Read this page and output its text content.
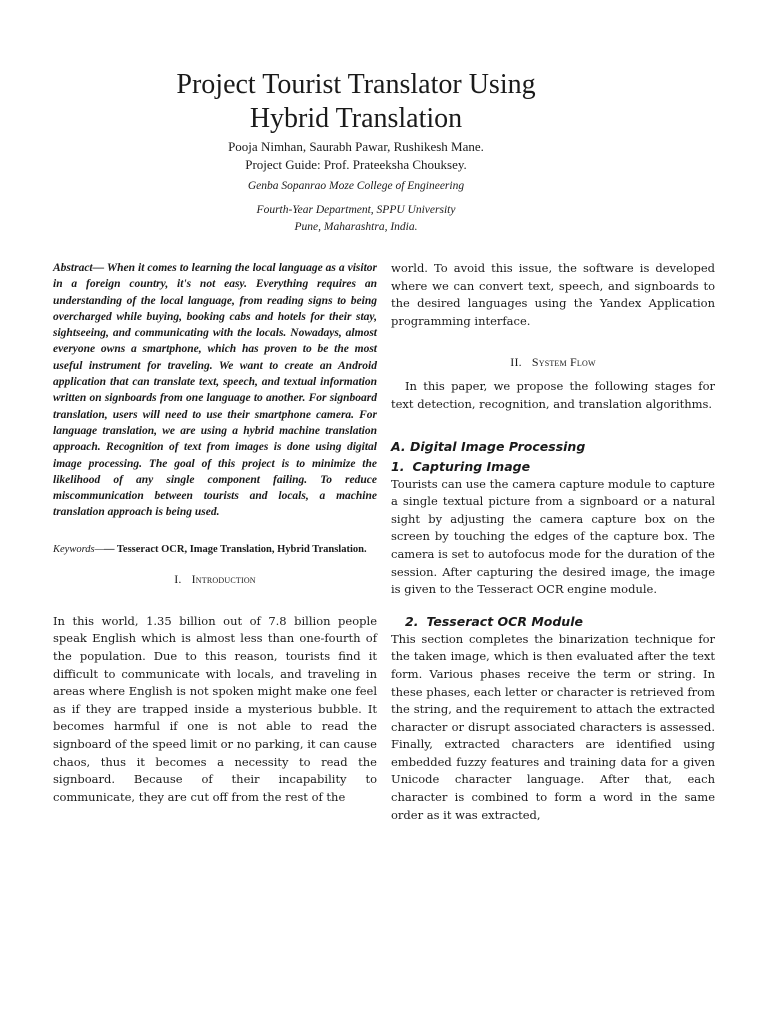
Project Tourist Translator Using
Hybrid Translation
Pooja Nimhan, Saurabh Pawar, Rushikesh Mane.
Project Guide: Prof. Prateeksha Chouksey.
Genba Sopanrao Moze College of Engineering
Fourth-Year Department, SPPU University
Pune, Maharashtra, India.

Abstract— When it comes to learning the local language as a visitor in a foreign country, it's not easy. Everything requires an understanding of the local language, from reading signs to being overcharged while buying, booking cabs and hotels for their stay, sightseeing, and communicating with the locals. Nowadays, almost everyone owns a smartphone, which has proven to be the most useful instrument for traveling. We want to create an Android application that can translate text, speech, and textual information written on signboards from one language to another. For signboard translation, users will need to use their smartphone camera. For language translation, we are using a hybrid machine translation approach. Recognition of text from images is done using digital image processing. The goal of this project is to minimize the likelihood of any single component failing. To reduce miscommunication between tourists and locals, a machine translation approach is being used.

Keywords—— Tesseract OCR, Image Translation, Hybrid Translation.

I. Introduction

In this world, 1.35 billion out of 7.8 billion people speak English which is almost less than one-fourth of the population. Due to this reason, tourists find it difficult to communicate with locals, and traveling in areas where English is not spoken might make one feel as if they are trapped inside a mysterious bubble. It becomes harmful if one is not able to read the signboard of the speed limit or no parking, it can cause chaos, thus it becomes a necessity to read the signboard. Because of their incapability to communicate, they are cut off from the rest of the

world. To avoid this issue, the software is developed where we can convert text, speech, and signboards to the desired languages using the Yandex Application programming interface.

II. System Flow

In this paper, we propose the following stages for text detection, recognition, and translation algorithms.

A. Digital Image Processing
1. Capturing Image

Tourists can use the camera capture module to capture a single textual picture from a signboard or a natural sight by adjusting the camera capture box on the screen by touching the edges of the capture box. The camera is set to autofocus mode for the duration of the session. After capturing the desired image, the image is given to the Tesseract OCR engine module.

2. Tesseract OCR Module

This section completes the binarization technique for the taken image, which is then evaluated after the text form. Various phases receive the term or string. In these phases, each letter or character is retrieved from the string, and the requirement to attach the extracted character or disrupt associated characters is assessed. Finally, extracted characters are identified using embedded fuzzy features and training data for a given Unicode character language. After that, each character is combined to form a word in the same order as it was extracted,
